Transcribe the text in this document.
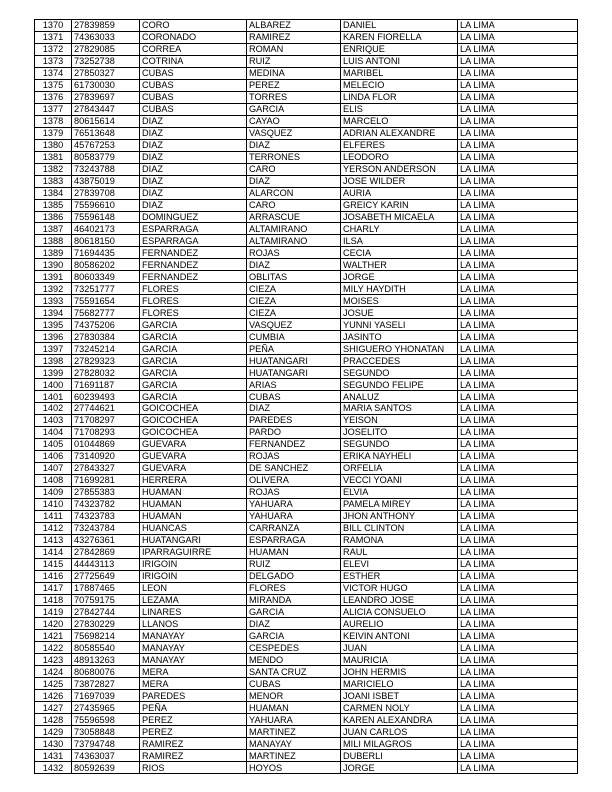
1370	27839859	CORO	ALBAREZ	DANIEL	LA LIMA
1371	74363033	CORONADO	RAMIREZ	KAREN FIORELLA	LA LIMA
1372	27829085	CORREA	ROMAN	ENRIQUE	LA LIMA
1373	73252738	COTRINA	RUIZ	LUIS ANTONI	LA LIMA
1374	27850327	CUBAS	MEDINA	MARIBEL	LA LIMA
1375	61730030	CUBAS	PEREZ	MELECIO	LA LIMA
1376	27839697	CUBAS	TORRES	LINDA FLOR	LA LIMA
1377	27843447	CUBAS	GARCIA	ELIS	LA LIMA
1378	80615614	DIAZ	CAYAO	MARCELO	LA LIMA
1379	76513648	DIAZ	VASQUEZ	ADRIAN ALEXANDRE	LA LIMA
1380	45767253	DIAZ	DIAZ	ELFERES	LA LIMA
1381	80583779	DIAZ	TERRONES	LEODORO	LA LIMA
1382	73243788	DIAZ	CARO	YERSON ANDERSON	LA LIMA
1383	43875019	DIAZ	DIAZ	JOSE WILDER	LA LIMA
1384	27839708	DIAZ	ALARCON	AURIA	LA LIMA
1385	75596610	DIAZ	CARO	GREICY KARIN	LA LIMA
1386	75596148	DOMINGUEZ	ARRASCUE	JOSABETH MICAELA	LA LIMA
1387	46402173	ESPARRAGA	ALTAMIRANO	CHARLY	LA LIMA
1388	80618150	ESPARRAGA	ALTAMIRANO	ILSA	LA LIMA
1389	71694435	FERNANDEZ	ROJAS	CECIA	LA LIMA
1390	80586202	FERNANDEZ	DIAZ	WALTHER	LA LIMA
1391	80603349	FERNANDEZ	OBLITAS	JORGE	LA LIMA
1392	73251777	FLORES	CIEZA	MILY HAYDITH	LA LIMA
1393	75591654	FLORES	CIEZA	MOISES	LA LIMA
1394	75682777	FLORES	CIEZA	JOSUE	LA LIMA
1395	74375206	GARCIA	VASQUEZ	YUNNI YASELI	LA LIMA
1396	27830384	GARCIA	CUMBIA	JASINTO	LA LIMA
1397	73245214	GARCIA	PEÑA	SHIGUERO YHONATAN	LA LIMA
1398	27829323	GARCIA	HUATANGARI	PRACCEDES	LA LIMA
1399	27828032	GARCIA	HUATANGARI	SEGUNDO	LA LIMA
1400	71691187	GARCIA	ARIAS	SEGUNDO FELIPE	LA LIMA
1401	60239493	GARCIA	CUBAS	ANALUZ	LA LIMA
1402	27744621	GOICOCHEA	DIAZ	MARIA SANTOS	LA LIMA
1403	71708297	GOICOCHEA	PAREDES	YEISON	LA LIMA
1404	71708293	GOICOCHEA	PARDO	JOSELITO	LA LIMA
1405	01044869	GUEVARA	FERNANDEZ	SEGUNDO	LA LIMA
1406	73140920	GUEVARA	ROJAS	ERIKA NAYHELI	LA LIMA
1407	27843327	GUEVARA	DE SANCHEZ	ORFELIA	LA LIMA
1408	71699281	HERRERA	OLIVERA	VECCI YOANI	LA LIMA
1409	27855383	HUAMAN	ROJAS	ELVIA	LA LIMA
1410	74323782	HUAMAN	YAHUARA	PAMELA MIREY	LA LIMA
1411	74323783	HUAMAN	YAHUARA	JHON ANTHONY	LA LIMA
1412	73243784	HUANCAS	CARRANZA	BILL CLINTON	LA LIMA
1413	43276361	HUATANGARI	ESPARRAGA	RAMONA	LA LIMA
1414	27842869	IPARRAGUIRRE	HUAMAN	RAUL	LA LIMA
1415	44443113	IRIGOIN	RUIZ	ELEVI	LA LIMA
1416	27725649	IRIGOIN	DELGADO	ESTHER	LA LIMA
1417	17887465	LEON	FLORES	VICTOR HUGO	LA LIMA
1418	70759175	LEZAMA	MIRANDA	LEANDRO JOSE	LA LIMA
1419	27842744	LINARES	GARCIA	ALICIA CONSUELO	LA LIMA
1420	27830229	LLANOS	DIAZ	AURELIO	LA LIMA
1421	75698214	MANAYAY	GARCIA	KEIVIN ANTONI	LA LIMA
1422	80585540	MANAYAY	CESPEDES	JUAN	LA LIMA
1423	48913263	MANAYAY	MENDO	MAURICIA	LA LIMA
1424	80680076	MERA	SANTA CRUZ	JOHN HERMIS	LA LIMA
1425	73872827	MERA	CUBAS	MARICIELO	LA LIMA
1426	71697039	PAREDES	MENOR	JOANI ISBET	LA LIMA
1427	27435965	PEÑA	HUAMAN	CARMEN NOLY	LA LIMA
1428	75596598	PEREZ	YAHUARA	KAREN ALEXANDRA	LA LIMA
1429	73058848	PEREZ	MARTINEZ	JUAN CARLOS	LA LIMA
1430	73794748	RAMIREZ	MANAYAY	MILI MILAGROS	LA LIMA
1431	74363037	RAMIREZ	MARTINEZ	DUBERLI	LA LIMA
1432	80592639	RIOS	HOYOS	JORGE	LA LIMA
